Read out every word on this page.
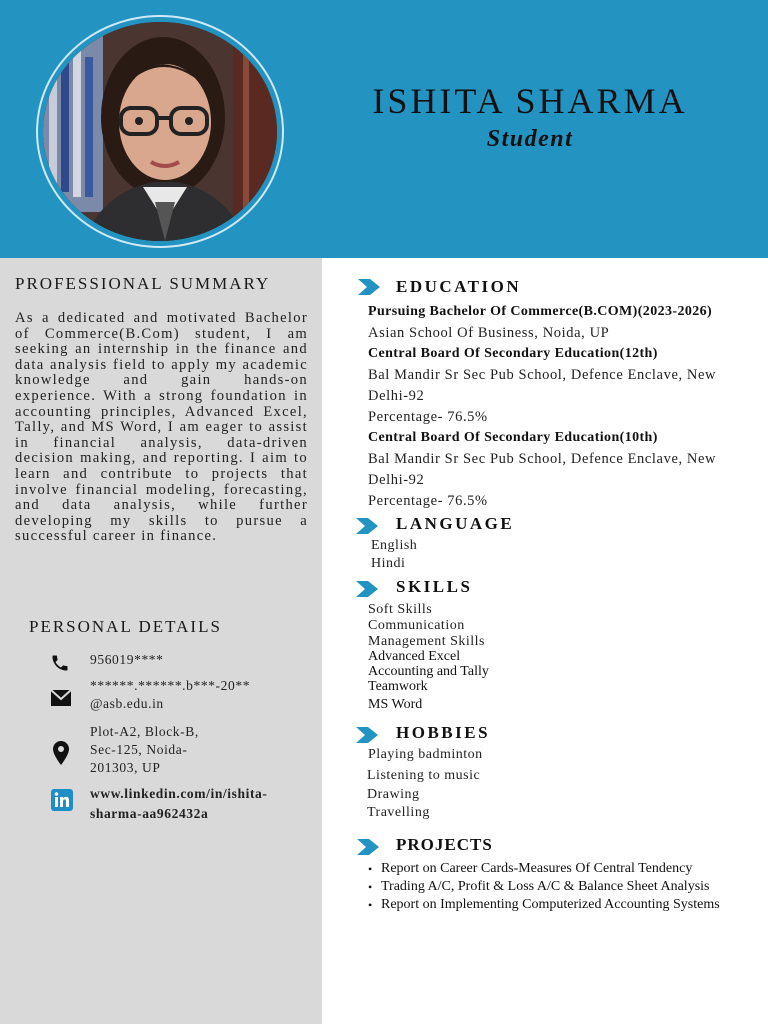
ISHITA SHARMA
Student
PROFESSIONAL SUMMARY
As a dedicated and motivated Bachelor of Commerce(B.Com) student, I am seeking an internship in the finance and data analysis field to apply my academic knowledge and gain hands-on experience. With a strong foundation in accounting principles, Advanced Excel, Tally, and MS Word, I am eager to assist in financial analysis, data-driven decision making, and reporting. I aim to learn and contribute to projects that involve financial modeling, forecasting, and data analysis, while further developing my skills to pursue a successful career in finance.
PERSONAL DETAILS
956019****
******.******.b***-20**
@asb.edu.in
Plot-A2, Block-B,
Sec-125, Noida-
201303, UP
www.linkedin.com/in/ishita-
sharma-aa962432a
EDUCATION
Pursuing Bachelor Of Commerce(B.COM)(2023-2026)
Asian School Of Business, Noida, UP
Central Board Of Secondary Education(12th)
Bal Mandir Sr Sec Pub School, Defence Enclave, New
Delhi-92
Percentage- 76.5%
Central Board Of Secondary Education(10th)
Bal Mandir Sr Sec Pub School, Defence Enclave, New
Delhi-92
Percentage- 76.5%
LANGUAGE
English
Hindi
SKILLS
Soft Skills
Communication
Management Skills
Advanced Excel
Accounting and Tally
Teamwork
MS Word
HOBBIES
Playing badminton
Listening to music
Drawing
Travelling
PROJECTS
• Report on Career Cards-Measures Of Central Tendency
• Trading A/C, Profit & Loss A/C & Balance Sheet Analysis
• Report on Implementing Computerized Accounting Systems
